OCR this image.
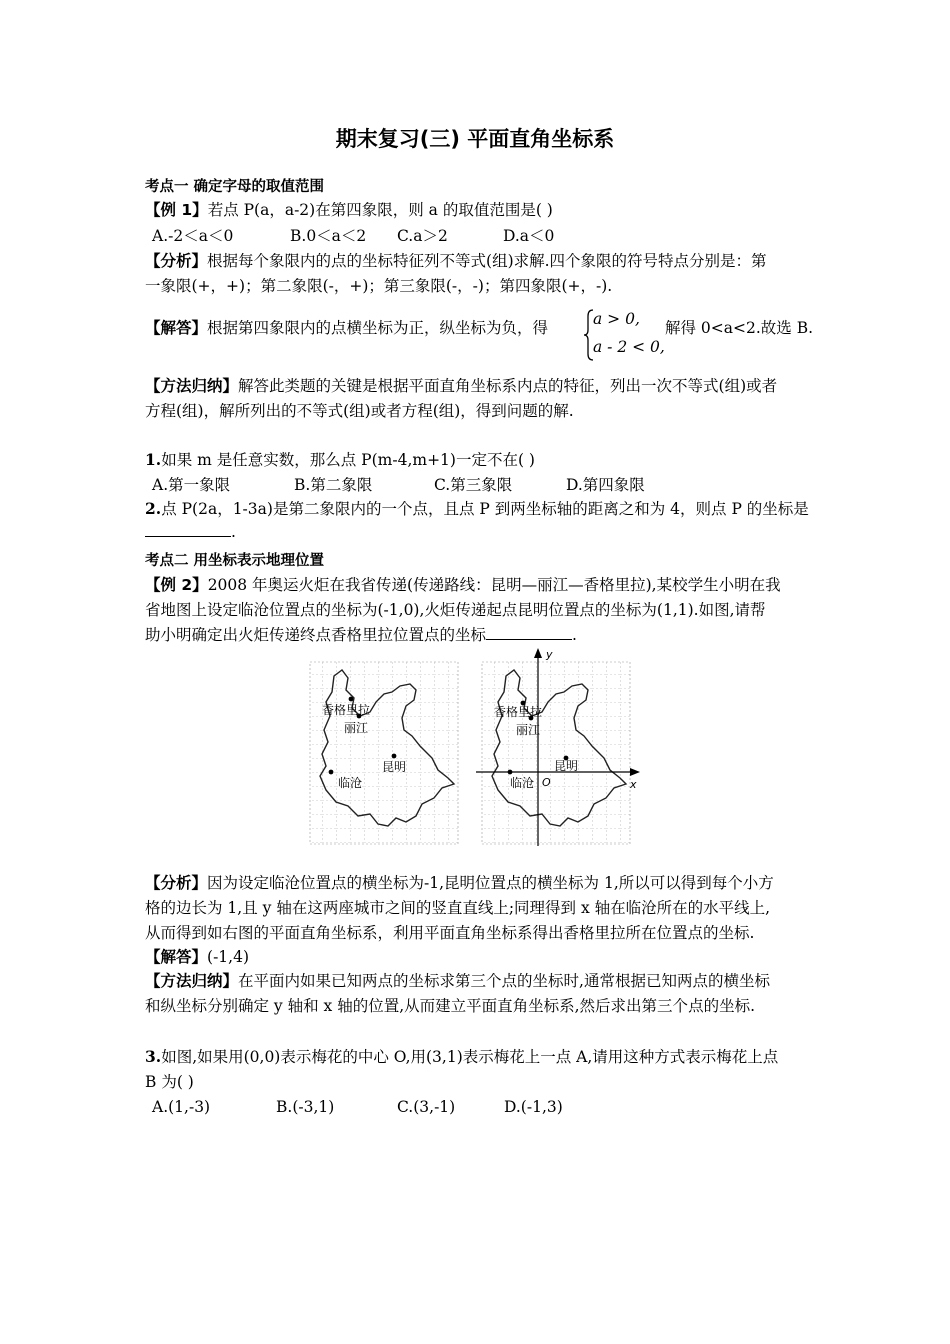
期末复习(三) 平面直角坐标系
考点一 确定字母的取值范围
【例 1】若点 P(a，a-2)在第四象限，则 a 的取值范围是( )
A.-2＜a＜0	B.0＜a＜2 C.a＞2	D.a＜0
【分析】根据每个象限内的点的坐标特征列不等式(组)求解.四个象限的符号特点分别是：第
一象限(+，+)；第二象限(-，+)；第三象限(-，-)；第四象限(+，-).
【解答】根据第四象限内的点横坐标为正，纵坐标为负，得	a > 0,
a - 2 < 0,
解得 0<a<2.故选 B.
【方法归纳】解答此类题的关键是根据平面直角坐标系内点的特征，列出一次不等式(组)或者
方程(组)，解所列出的不等式(组)或者方程(组)，得到问题的解.
1.如果 m 是任意实数，那么点 P(m-4,m+1)一定不在( )
A.第一象限	B.第二象限	C.第三象限	D.第四象限
2.点 P(2a，1-3a)是第二象限内的一个点，且点 P 到两坐标轴的距离之和为 4，则点 P 的坐标是
.
考点二 用坐标表示地理位置
【例 2】2008 年奥运火炬在我省传递(传递路线：昆明—丽江—香格里拉),某校学生小明在我
省地图上设定临沧位置点的坐标为(-1,0),火炬传递起点昆明位置点的坐标为(1,1).如图,请帮
助小明确定出火炬传递终点香格里拉位置点的坐标	.
香格里拉
丽江
昆明
临沧
y
x
O
香格里拉
丽江
昆明
临沧
【分析】因为设定临沧位置点的横坐标为-1,昆明位置点的横坐标为 1,所以可以得到每个小方
格的边长为 1,且 y 轴在这两座城市之间的竖直直线上;同理得到 x 轴在临沧所在的水平线上,
从而得到如右图的平面直角坐标系，利用平面直角坐标系得出香格里拉所在位置点的坐标.
【解答】(-1,4)
【方法归纳】在平面内如果已知两点的坐标求第三个点的坐标时,通常根据已知两点的横坐标
和纵坐标分别确定 y 轴和 x 轴的位置,从而建立平面直角坐标系,然后求出第三个点的坐标.
3.如图,如果用(0,0)表示梅花的中心 O,用(3,1)表示梅花上一点 A,请用这种方式表示梅花上点
B 为( )
A.(1,-3)	B.(-3,1)	C.(3,-1)	D.(-1,3)
